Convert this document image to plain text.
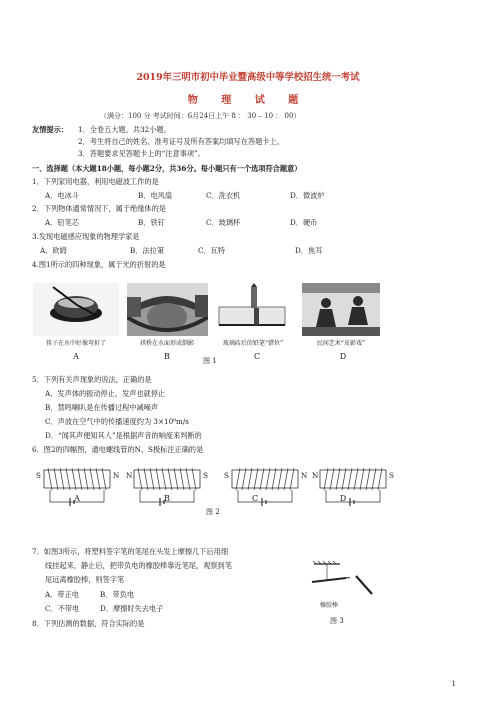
2019年三明市初中毕业暨高级中等学校招生统一考试
物 理 试 题
（满分：100 分 考试时间：6月24日上午 8 ： 30 – 10 ： 00）
友情提示： 1．全卷五大题，共32小题。
2．考生将自己的姓名、准考证号及所有答案均填写在答题卡上。
3．答题要求见答题卡上的“注意事项”。
一、选择题（本大题18小题，每小题2分，共36分。每小题只有一个选项符合题意）
1．下列家用电器，利用电磁波工作的是
A．电冰斗	B．电风扇	C．洗衣机	D．微波炉
2．下列物体通常情况下，属于绝缘体的是
A．铅笔芯	B．铁钉	C．玻璃杯	D．硬币
3.发现电磁感应现象的物理学家是
A．欧姆	B．法拉第	C．瓦特	D．焦耳
4.图1所示的四种现象，属于光的折射的是
筷子在水中好像弯折了	拱桥在水面形成倒影	玻璃砖后的铅笔“错位”	民间艺术“皮影戏”
A	B	图 1	C	D
5．下列有关声现象的说法，正确的是
A．发声体的振动停止，发声也就停止
B．禁鸣喇叭是在传播过程中减噪声
C．声波在空气中的传播速度约为 3×10⁸m/s
D．“闻其声便知其人”是根据声音的响度来判断的
6．图2的四幅图，通电螺线管的N、S极标注正确的是
S	N N	S S	N N	S
A	B	C	D
图 2
7．如图3所示，将塑料签字笔的笔尾在头发上摩擦几下后用细
线挂起来，静止后，把带负电的橡胶棒靠近笔尾，观察到笔
尾远离橡胶棒，则签字笔
A．带正电	B．带负电
C．不带电	D．摩擦时失去电子	橡胶棒
图 3
8．下列估测的数据，符合实际的是
1
